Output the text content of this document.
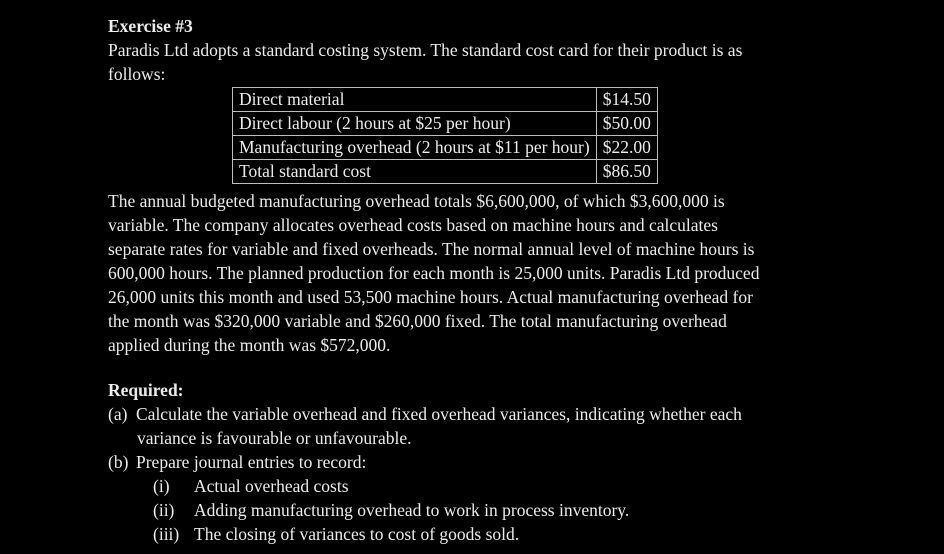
Exercise #3
Paradis Ltd adopts a standard costing system. The standard cost card for their product is as
follows:
Direct material	$14.50
Direct labour (2 hours at $25 per hour)	$50.00
Manufacturing overhead (2 hours at $11 per hour)	$22.00
Total standard cost	$86.50
The annual budgeted manufacturing overhead totals $6,600,000, of which $3,600,000 is
variable. The company allocates overhead costs based on machine hours and calculates
separate rates for variable and fixed overheads. The normal annual level of machine hours is
600,000 hours. The planned production for each month is 25,000 units. Paradis Ltd produced
26,000 units this month and used 53,500 machine hours. Actual manufacturing overhead for
the month was $320,000 variable and $260,000 fixed. The total manufacturing overhead
applied during the month was $572,000.
Required:
(a) Calculate the variable overhead and fixed overhead variances, indicating whether each
variance is favourable or unfavourable.
(b) Prepare journal entries to record:
(i) Actual overhead costs
(ii) Adding manufacturing overhead to work in process inventory.
(iii) The closing of variances to cost of goods sold.
